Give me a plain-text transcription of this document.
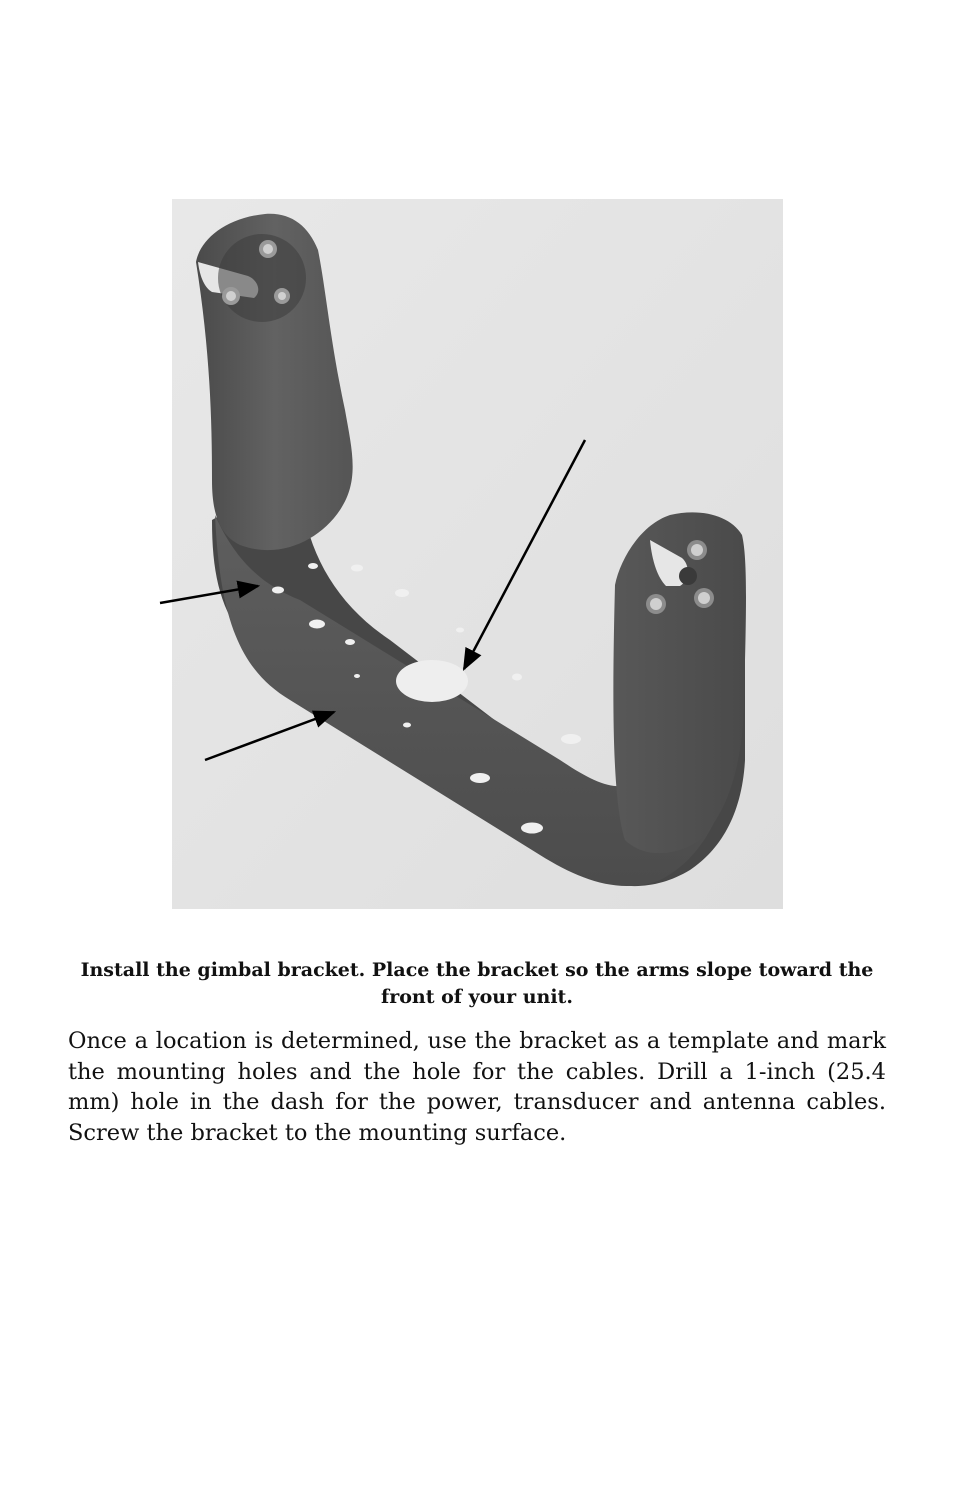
Install the gimbal bracket. Place the bracket so the arms slope toward the front of your unit.

Once a location is determined, use the bracket as a template and mark the mounting holes and the hole for the cables. Drill a 1-inch (25.4 mm) hole in the dash for the power, transducer and antenna cables. Screw the bracket to the mounting surface.
